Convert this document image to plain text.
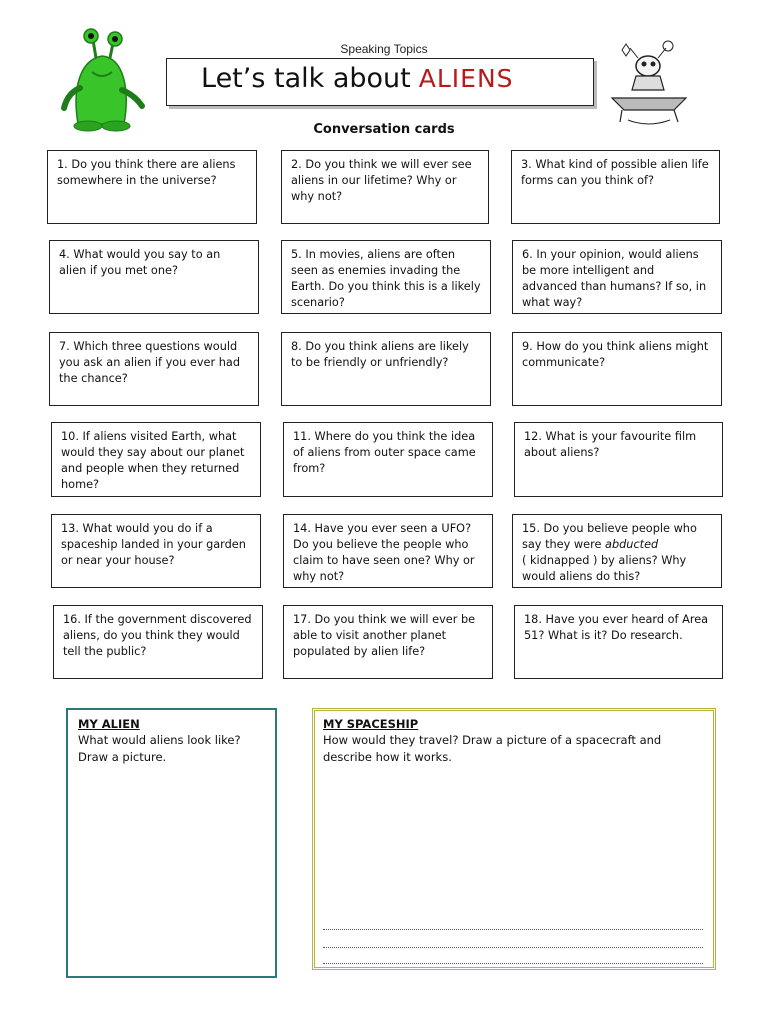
Speaking Topics
Let’s talk about ALIENS
Conversation cards
1. Do you think there are aliens somewhere in the universe?
2. Do you think we will ever see aliens in our lifetime? Why or why not?
3. What kind of possible alien life forms can you think of?
4. What would you say to an alien if you met one?
5. In movies, aliens are often seen as enemies invading the Earth. Do you think this is a likely scenario?
6. In your opinion, would aliens be more intelligent and advanced than humans? If so, in what way?
7. Which three questions would you ask an alien if you ever had the chance?
8. Do you think aliens are likely to be friendly or unfriendly?
9. How do you think aliens might communicate?
10. If aliens visited Earth, what would they say about our planet and people when they returned home?
11. Where do you think the idea of aliens from outer space came from?
12. What is your favourite film about aliens?
13. What would you do if a spaceship landed in your garden or near your house?
14. Have you ever seen a UFO? Do you believe the people who claim to have seen one? Why or why not?
15. Do you believe people who say they were abducted
( kidnapped ) by aliens? Why would aliens do this?
16. If the government discovered aliens, do you think they would tell the public?
17. Do you think we will ever be able to visit another planet populated by alien life?
18. Have you ever heard of Area 51? What is it? Do research.
MY ALIEN
What would aliens look like? Draw a picture.
MY SPACESHIP
How would they travel? Draw a picture of a spacecraft and describe how it works.
